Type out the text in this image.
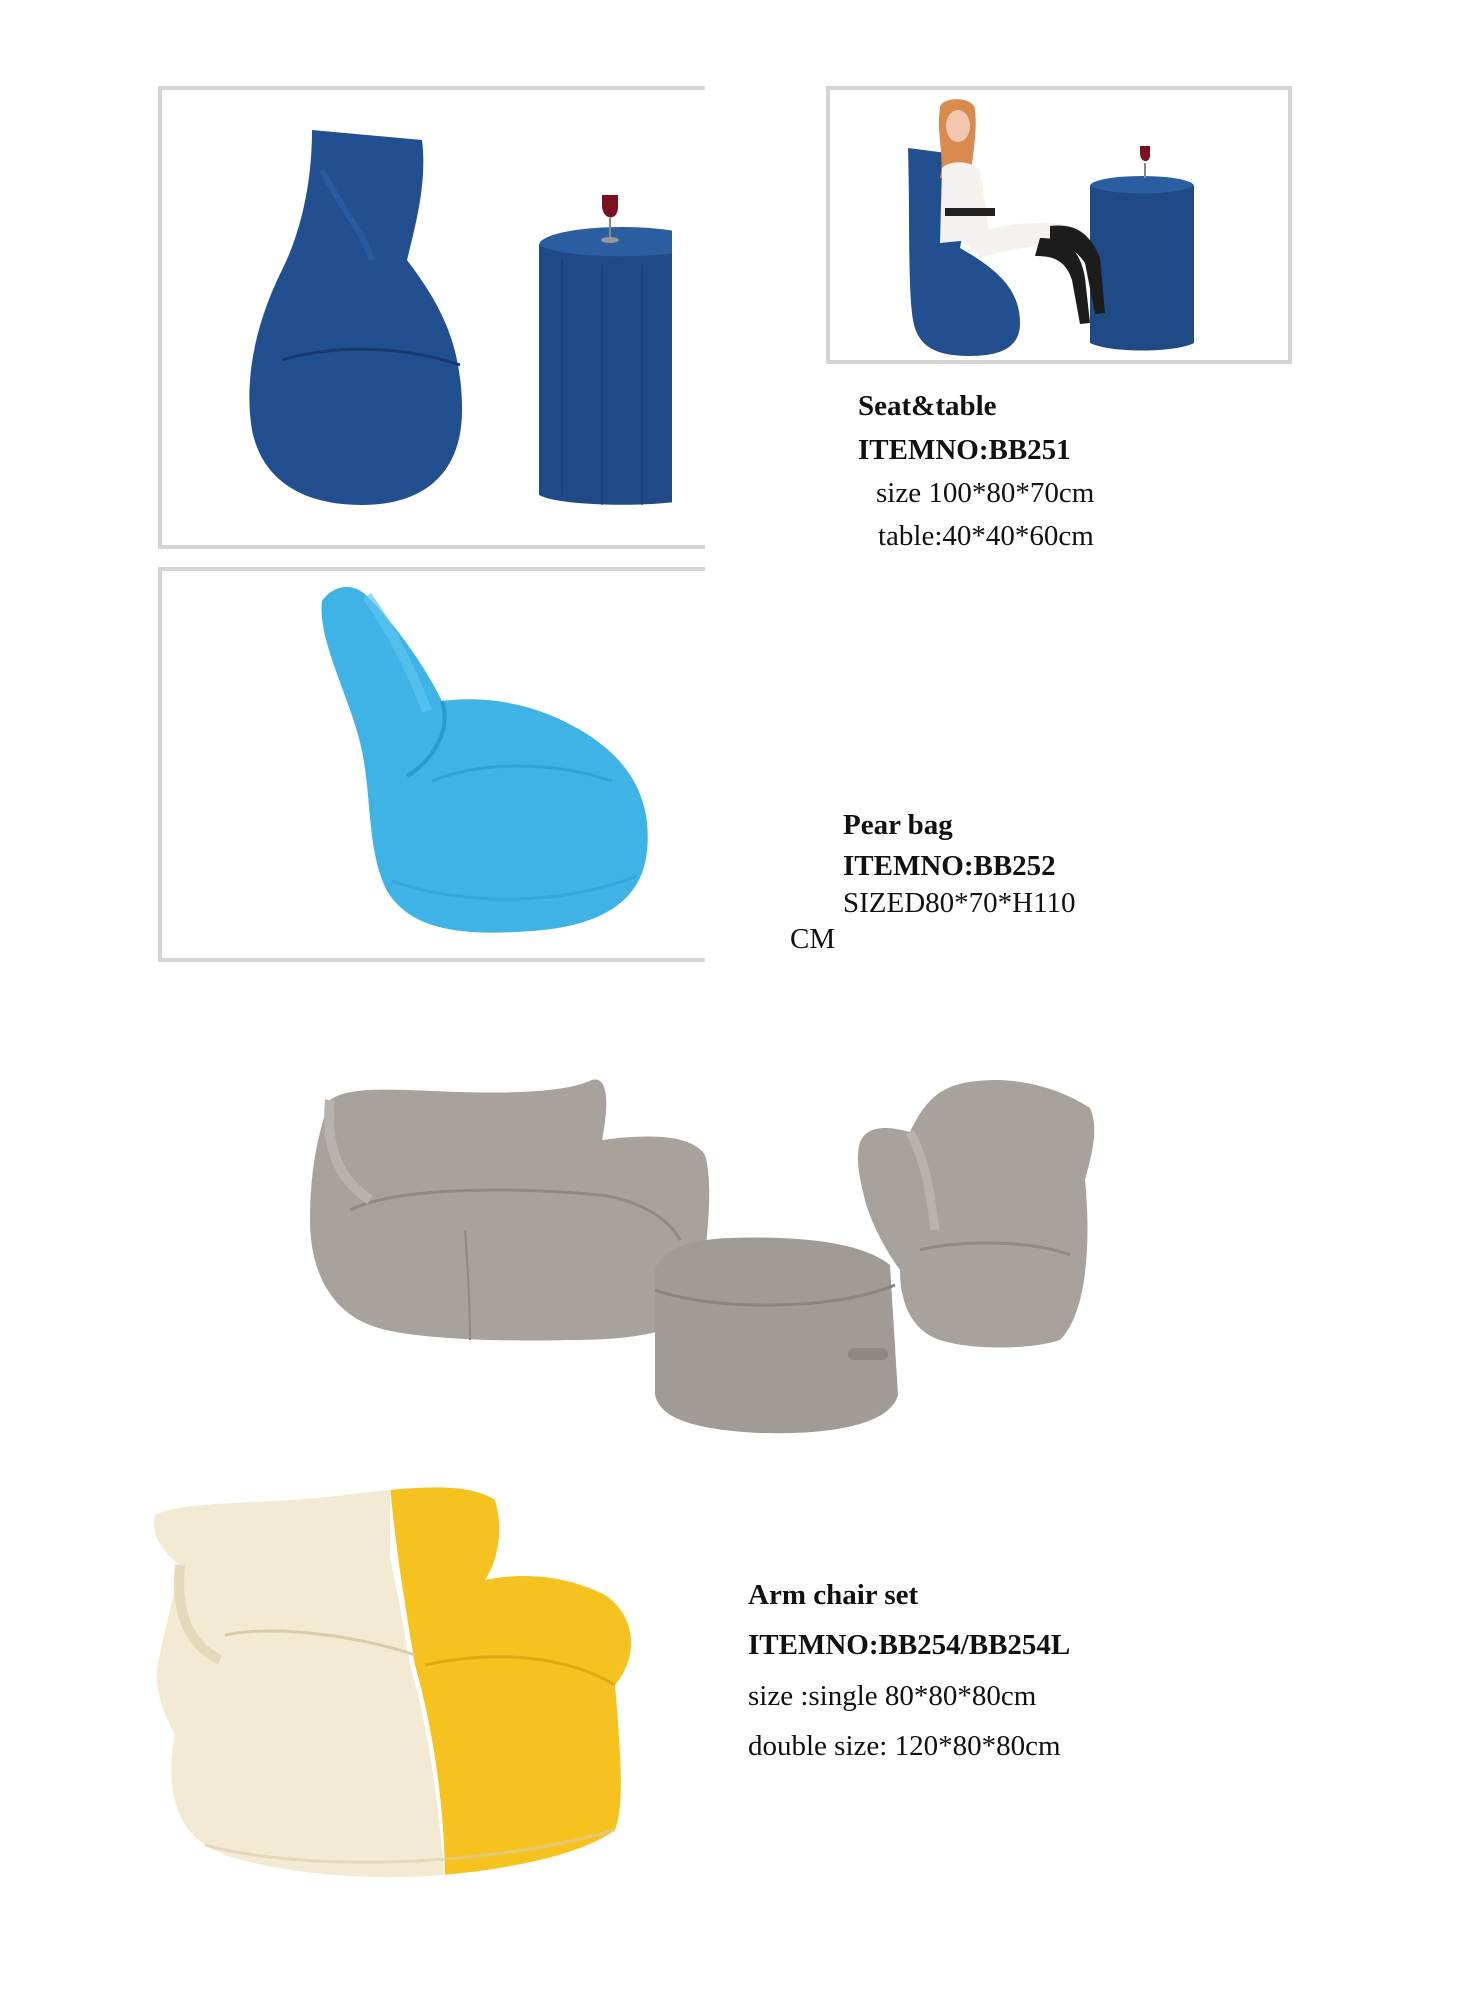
Seat&table
ITEMNO:BB251
size 100*80*70cm
table:40*40*60cm
Pear bag
ITEMNO:BB252
SIZED80*70*H110
CM
Arm chair set
ITEMNO:BB254/BB254L
size :single 80*80*80cm
double size: 120*80*80cm
